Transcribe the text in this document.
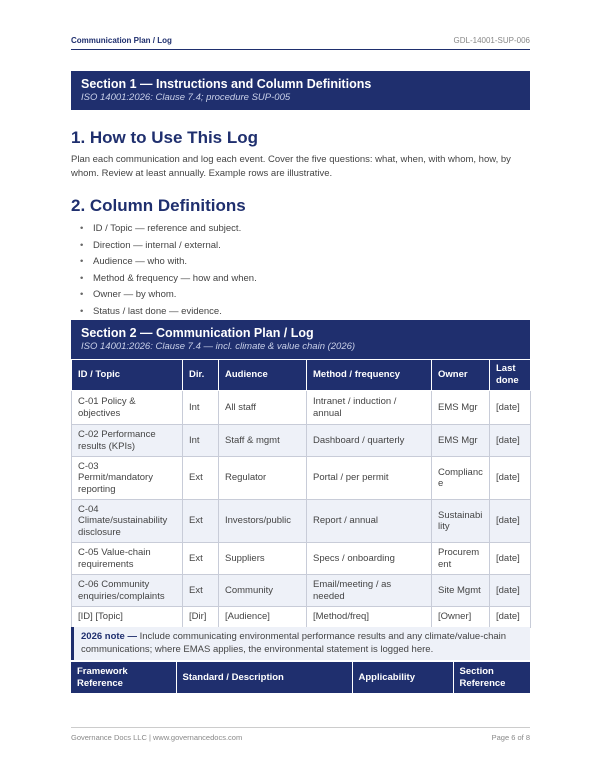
Communication Plan / Log	GDL-14001-SUP-006
Section 1 — Instructions and Column Definitions
ISO 14001:2026: Clause 7.4; procedure SUP-005
1. How to Use This Log

Plan each communication and log each event. Cover the five questions: what, when, with whom, how, by whom. Review at least annually. Example rows are illustrative.

2. Column Definitions
• ID / Topic — reference and subject.
• Direction — internal / external.
• Audience — who with.
• Method & frequency — how and when.
• Owner — by whom.
• Status / last done — evidence.
Section 2 — Communication Plan / Log
ISO 14001:2026: Clause 7.4 — incl. climate & value chain (2026)
ID / Topic	Dir.	Audience	Method / frequency	Owner	Last done
C-01 Policy & objectives	Int	All staff	Intranet / induction / annual	EMS Mgr	[date]
C-02 Performance results (KPIs)	Int	Staff & mgmt	Dashboard / quarterly	EMS Mgr	[date]
C-03 Permit/mandatory reporting	Ext	Regulator	Portal / per permit	Compliance	[date]
C-04 Climate/sustainability disclosure	Ext	Investors/public	Report / annual	Sustainability	[date]
C-05 Value-chain requirements	Ext	Suppliers	Specs / onboarding	Procurement	[date]
C-06 Community enquiries/complaints	Ext	Community	Email/meeting / as needed	Site Mgmt	[date]
[ID] [Topic]	[Dir]	[Audience]	[Method/freq]	[Owner]	[date]
2026 note — Include communicating environmental performance results and any climate/value-chain communications; where EMAS applies, the environmental statement is logged here.
Framework Reference	Standard / Description	Applicability	Section Reference
Governance Docs LLC | www.governancedocs.com	Page 6 of 8
